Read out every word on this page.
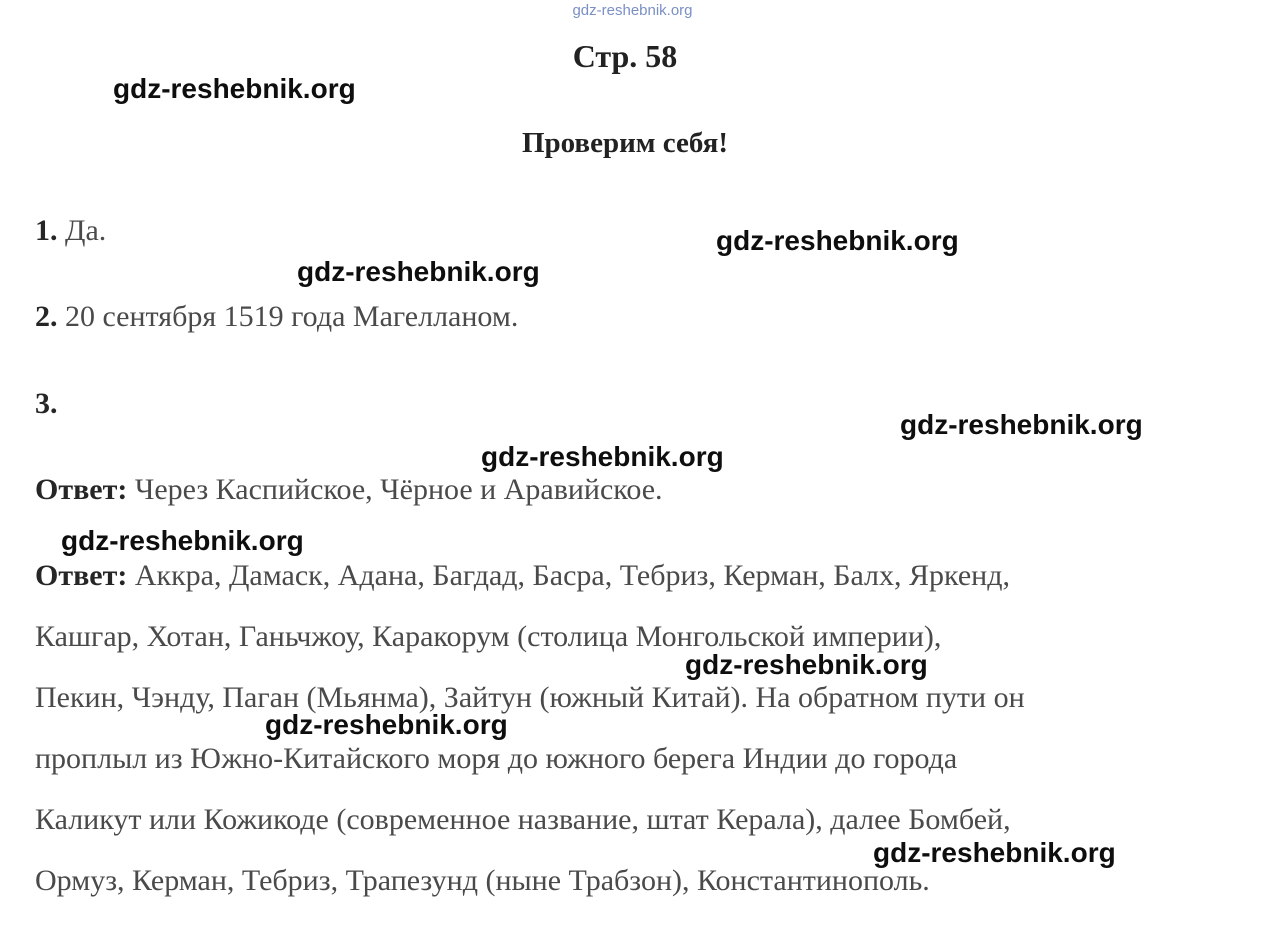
gdz-reshebnik.org
Стр. 58
Проверим себя!
1. Да.
2. 20 сентября 1519 года Магелланом.
3.
Ответ: Через Каспийское, Чёрное и Аравийское.
Ответ: Аккра, Дамаск, Адана, Багдад, Басра, Тебриз, Керман, Балх, Яркенд,
Кашгар, Хотан, Ганьчжоу, Каракорум (столица Монгольской империи),
Пекин, Чэнду, Паган (Мьянма), Зайтун (южный Китай). На обратном пути он
проплыл из Южно-Китайского моря до южного берега Индии до города
Каликут или Кожикоде (современное название, штат Керала), далее Бомбей,
Ормуз, Керман, Тебриз, Трапезунд (ныне Трабзон), Константинополь.
gdz-reshebnik.org
gdz-reshebnik.org
gdz-reshebnik.org
gdz-reshebnik.org
gdz-reshebnik.org
gdz-reshebnik.org
gdz-reshebnik.org
gdz-reshebnik.org
gdz-reshebnik.org
